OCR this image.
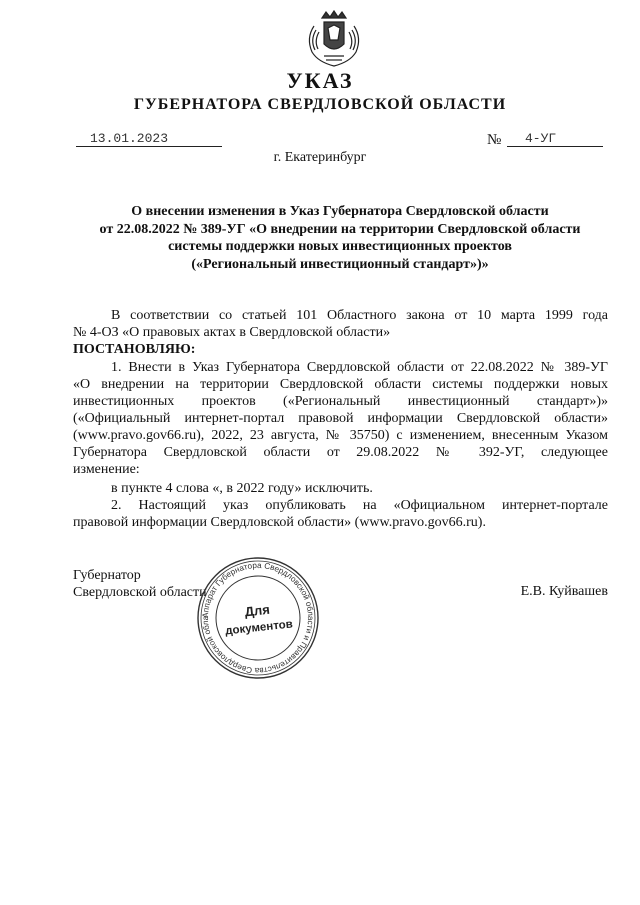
УКАЗ
ГУБЕРНАТОРА СВЕРДЛОВСКОЙ ОБЛАСТИ
13.01.2023	№	4-УГ
г. Екатеринбург
О внесении изменения в Указ Губернатора Свердловской области
от 22.08.2022 № 389-УГ «О внедрении на территории Свердловской области
системы поддержки новых инвестиционных проектов
(«Региональный инвестиционный стандарт»)»
В соответствии со статьей 101 Областного закона от 10 марта 1999 года
№ 4-ОЗ «О правовых актах в Свердловской области»
ПОСТАНОВЛЯЮ:
1. Внести в Указ Губернатора Свердловской области от 22.08.2022 № 389-УГ
«О внедрении на территории Свердловской области системы поддержки новых
инвестиционных проектов («Региональный инвестиционный стандарт»)»
(«Официальный интернет-портал правовой информации Свердловской области»
(www.pravo.gov66.ru), 2022, 23 августа, № 35750) с изменением, внесенным Указом
Губернатора Свердловской области от 29.08.2022 № 392-УГ, следующее
изменение:
в пункте 4 слова «, в 2022 году» исключить.
2. Настоящий указ опубликовать на «Официальном интернет-портале
правовой информации Свердловской области» (www.pravo.gov66.ru).
Губернатор
Свердловской области	Е.В. Куйвашев
Аппарат Губернатора Свердловской области и Правительства Свердловской обла	Для
документов
